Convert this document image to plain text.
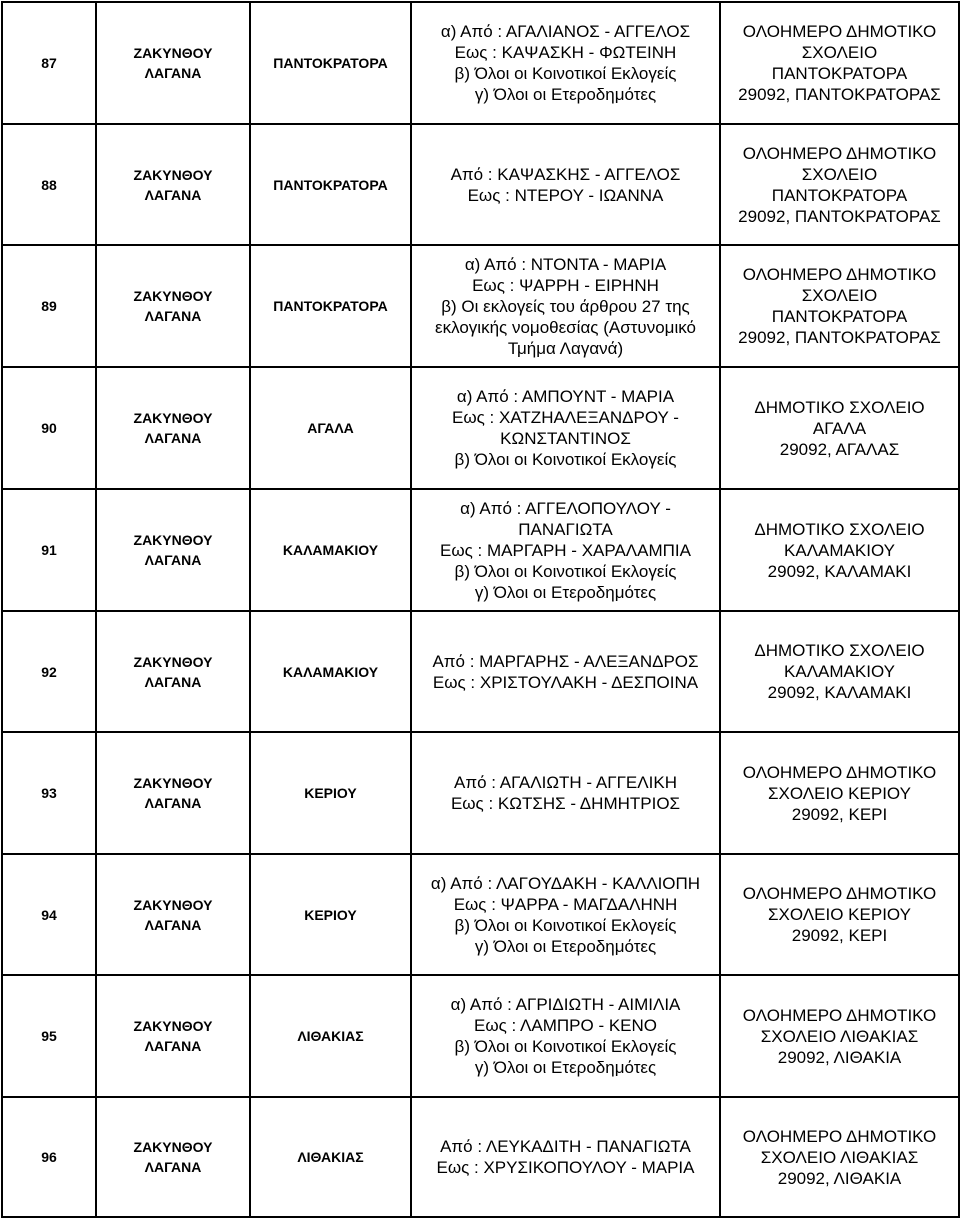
87	ΖΑΚΥΝΘΟΥ
ΛΑΓΑΝΑ	ΠΑΝΤΟΚΡΑΤΟΡΑ	α) Από : ΑΓΑΛΙΑΝΟΣ - ΑΓΓΕΛΟΣ
Εως : ΚΑΨΑΣΚΗ - ΦΩΤΕΙΝΗ
β) Όλοι οι Κοινοτικοί Εκλογείς
γ) Όλοι οι Ετεροδημότες	ΟΛΟΗΜΕΡΟ ΔΗΜΟΤΙΚΟ
ΣΧΟΛΕΙΟ
ΠΑΝΤΟΚΡΑΤΟΡΑ
29092, ΠΑΝΤΟΚΡΑΤΟΡΑΣ

88	ΖΑΚΥΝΘΟΥ
ΛΑΓΑΝΑ	ΠΑΝΤΟΚΡΑΤΟΡΑ	Από : ΚΑΨΑΣΚΗΣ - ΑΓΓΕΛΟΣ
Εως : ΝΤΕΡΟΥ - ΙΩΑΝΝΑ	ΟΛΟΗΜΕΡΟ ΔΗΜΟΤΙΚΟ
ΣΧΟΛΕΙΟ
ΠΑΝΤΟΚΡΑΤΟΡΑ
29092, ΠΑΝΤΟΚΡΑΤΟΡΑΣ

89	ΖΑΚΥΝΘΟΥ
ΛΑΓΑΝΑ	ΠΑΝΤΟΚΡΑΤΟΡΑ	α) Από : ΝΤΟΝΤΑ - ΜΑΡΙΑ
Εως : ΨΑΡΡΗ - ΕΙΡΗΝΗ
β) Οι εκλογείς του άρθρου 27 της
εκλογικής νομοθεσίας (Αστυνομικό
Τμήμα Λαγανά)	ΟΛΟΗΜΕΡΟ ΔΗΜΟΤΙΚΟ
ΣΧΟΛΕΙΟ
ΠΑΝΤΟΚΡΑΤΟΡΑ
29092, ΠΑΝΤΟΚΡΑΤΟΡΑΣ

90	ΖΑΚΥΝΘΟΥ
ΛΑΓΑΝΑ	ΑΓΑΛΑ	α) Από : ΑΜΠΟΥΝΤ - ΜΑΡΙΑ
Εως : ΧΑΤΖΗΑΛΕΞΑΝΔΡΟΥ -
ΚΩΝΣΤΑΝΤΙΝΟΣ
β) Όλοι οι Κοινοτικοί Εκλογείς	ΔΗΜΟΤΙΚΟ ΣΧΟΛΕΙΟ
ΑΓΑΛΑ
29092, ΑΓΑΛΑΣ

91	ΖΑΚΥΝΘΟΥ
ΛΑΓΑΝΑ	ΚΑΛΑΜΑΚΙΟΥ	α) Από : ΑΓΓΕΛΟΠΟΥΛΟΥ -
ΠΑΝΑΓΙΩΤΑ
Εως : ΜΑΡΓΑΡΗ - ΧΑΡΑΛΑΜΠΙΑ
β) Όλοι οι Κοινοτικοί Εκλογείς
γ) Όλοι οι Ετεροδημότες	ΔΗΜΟΤΙΚΟ ΣΧΟΛΕΙΟ
ΚΑΛΑΜΑΚΙΟΥ
29092, ΚΑΛΑΜΑΚΙ

92	ΖΑΚΥΝΘΟΥ
ΛΑΓΑΝΑ	ΚΑΛΑΜΑΚΙΟΥ	Από : ΜΑΡΓΑΡΗΣ - ΑΛΕΞΑΝΔΡΟΣ
Εως : ΧΡΙΣΤΟΥΛΑΚΗ - ΔΕΣΠΟΙΝΑ	ΔΗΜΟΤΙΚΟ ΣΧΟΛΕΙΟ
ΚΑΛΑΜΑΚΙΟΥ
29092, ΚΑΛΑΜΑΚΙ

93	ΖΑΚΥΝΘΟΥ
ΛΑΓΑΝΑ	ΚΕΡΙΟΥ	Από : ΑΓΑΛΙΩΤΗ - ΑΓΓΕΛΙΚΗ
Εως : ΚΩΤΣΗΣ - ΔΗΜΗΤΡΙΟΣ	ΟΛΟΗΜΕΡΟ ΔΗΜΟΤΙΚΟ
ΣΧΟΛΕΙΟ ΚΕΡΙΟΥ
29092, ΚΕΡΙ

94	ΖΑΚΥΝΘΟΥ
ΛΑΓΑΝΑ	ΚΕΡΙΟΥ	α) Από : ΛΑΓΟΥΔΑΚΗ - ΚΑΛΛΙΟΠΗ
Εως : ΨΑΡΡΑ - ΜΑΓΔΑΛΗΝΗ
β) Όλοι οι Κοινοτικοί Εκλογείς
γ) Όλοι οι Ετεροδημότες	ΟΛΟΗΜΕΡΟ ΔΗΜΟΤΙΚΟ
ΣΧΟΛΕΙΟ ΚΕΡΙΟΥ
29092, ΚΕΡΙ

95	ΖΑΚΥΝΘΟΥ
ΛΑΓΑΝΑ	ΛΙΘΑΚΙΑΣ	α) Από : ΑΓΡΙΔΙΩΤΗ - ΑΙΜΙΛΙΑ
Εως : ΛΑΜΠΡΟ - ΚΕΝΟ
β) Όλοι οι Κοινοτικοί Εκλογείς
γ) Όλοι οι Ετεροδημότες	ΟΛΟΗΜΕΡΟ ΔΗΜΟΤΙΚΟ
ΣΧΟΛΕΙΟ ΛΙΘΑΚΙΑΣ
29092, ΛΙΘΑΚΙΑ

96	ΖΑΚΥΝΘΟΥ
ΛΑΓΑΝΑ	ΛΙΘΑΚΙΑΣ	Από : ΛΕΥΚΑΔΙΤΗ - ΠΑΝΑΓΙΩΤΑ
Εως : ΧΡΥΣΙΚΟΠΟΥΛΟΥ - ΜΑΡΙΑ	ΟΛΟΗΜΕΡΟ ΔΗΜΟΤΙΚΟ
ΣΧΟΛΕΙΟ ΛΙΘΑΚΙΑΣ
29092, ΛΙΘΑΚΙΑ
